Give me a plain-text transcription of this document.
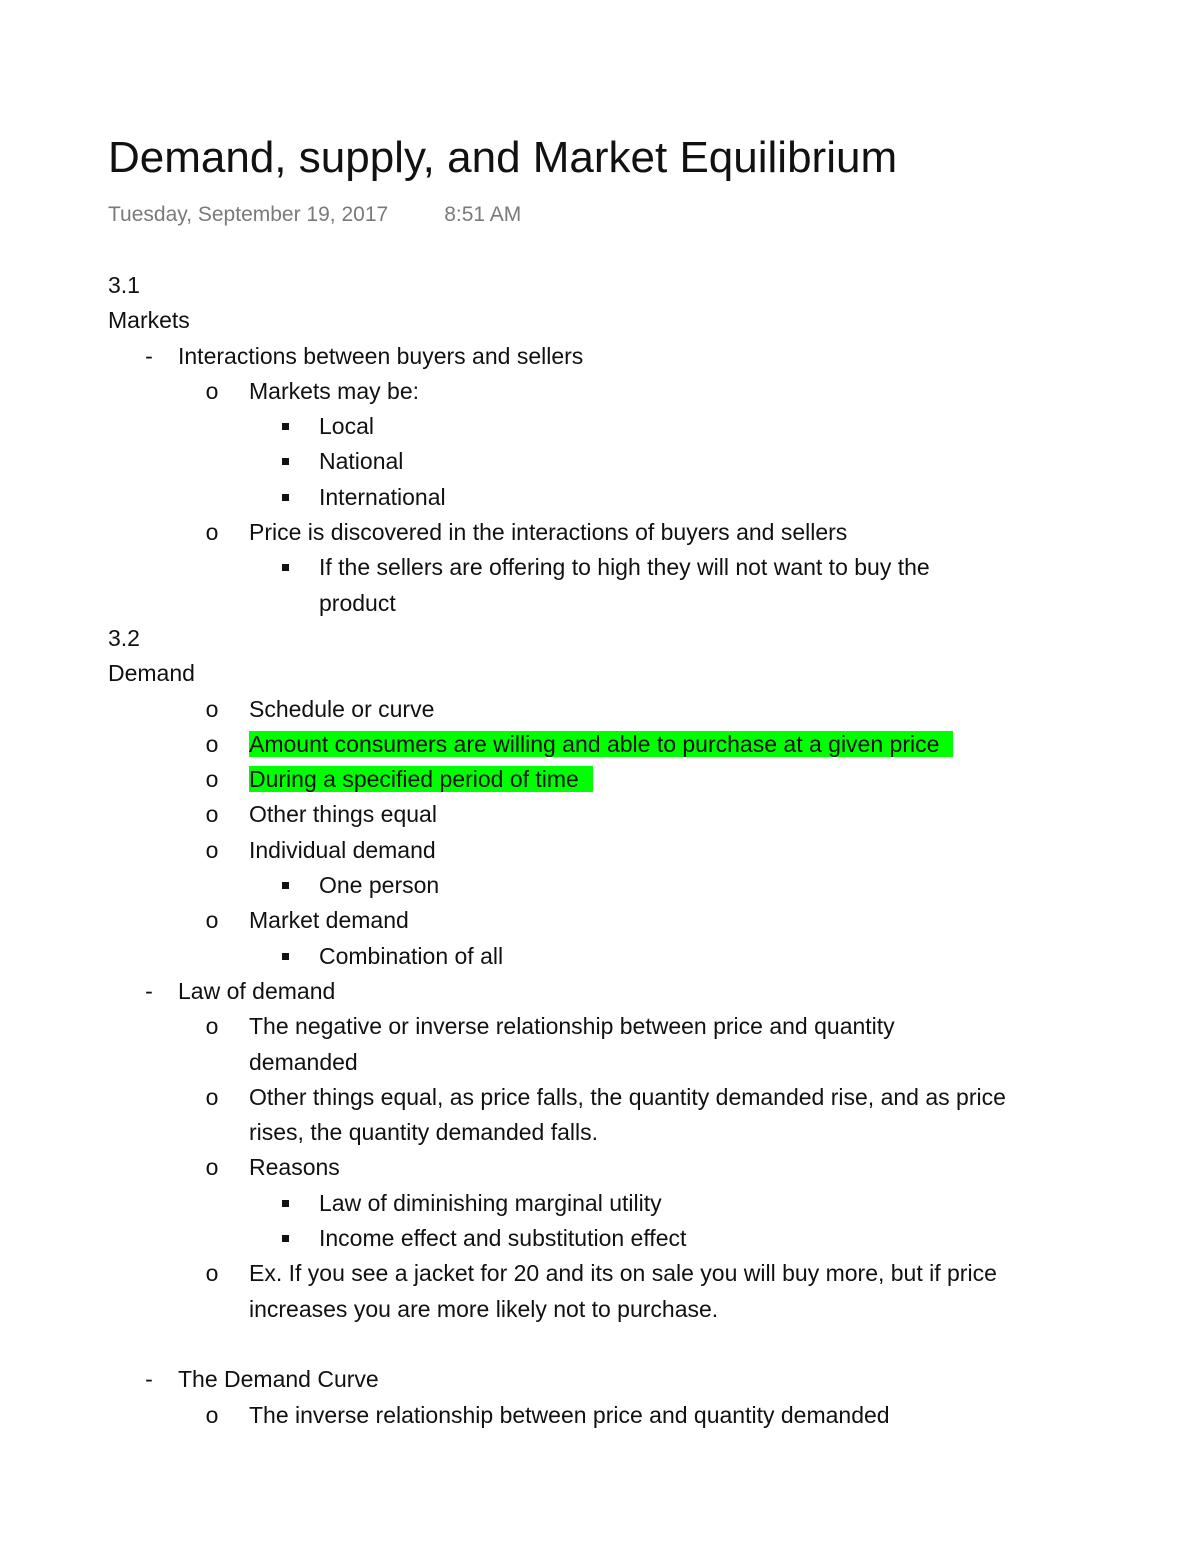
Demand, supply, and Market Equilibrium
Tuesday, September 19, 2017	8:51 AM
3.1
Markets
- Interactions between buyers and sellers
o Markets may be:
Local
National
International
o Price is discovered in the interactions of buyers and sellers
If the sellers are offering to high they will not want to buy the
product
3.2
Demand
o Schedule or curve
o Amount consumers are willing and able to purchase at a given price
o During a specified period of time
o Other things equal
o Individual demand
One person
o Market demand
Combination of all
- Law of demand
o The negative or inverse relationship between price and quantity
demanded
o Other things equal, as price falls, the quantity demanded rise, and as price
rises, the quantity demanded falls.
o Reasons
Law of diminishing marginal utility
Income effect and substitution effect
o Ex. If you see a jacket for 20 and its on sale you will buy more, but if price
increases you are more likely not to purchase.
- The Demand Curve
o The inverse relationship between price and quantity demanded
